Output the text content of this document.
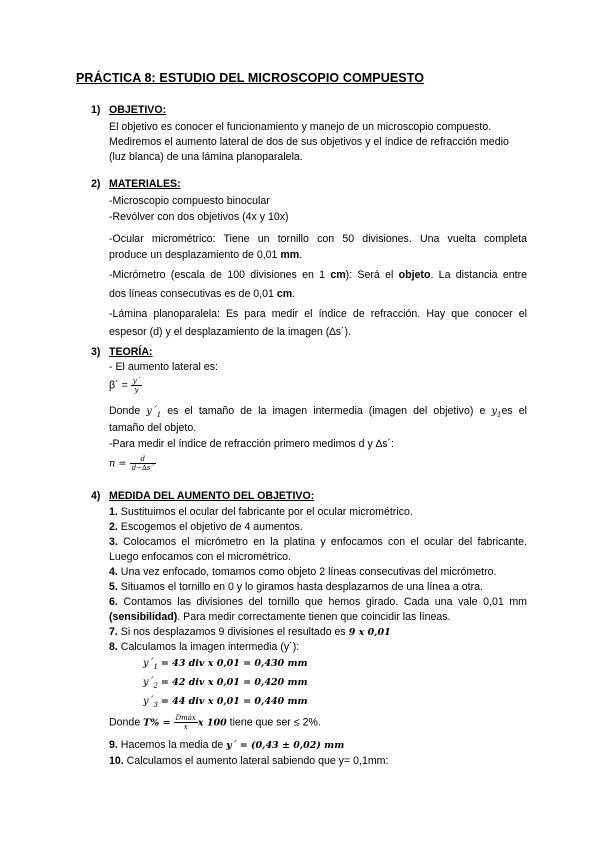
PRÁCTICA 8: ESTUDIO DEL MICROSCOPIO COMPUESTO
1) OBJETIVO:
El objetivo es conocer el funcionamiento y manejo de un microscopio compuesto.
Mediremos el aumento lateral de dos de sus objetivos y el índice de refracción medio
(luz blanca) de una lámina planoparalela.
2) MATERIALES:
-Microscopio compuesto binocular
-Revólver con dos objetivos (4x y 10x)
-Ocular micrométrico: Tiene un tornillo con 50 divisiones. Una vuelta completa
produce un desplazamiento de 0,01 mm.
-Micrómetro (escala de 100 divisiones en 1 cm): Será el objeto. La distancia entre
dos líneas consecutivas es de 0,01 cm.
-Lámina planoparalela: Es para medir el índice de refracción. Hay que conocer el
espesor (d) y el desplazamiento de la imagen (∆s´).
3) TEORÍA:
- El aumento lateral es:
β´ = $\frac{y´}{y}$
Donde $y´_1$ es el tamaño de la imagen intermedia (imagen del objetivo) e $y_1es$ el
tamaño del objeto.
-Para medir el índice de refracción primero medimos d y ∆s´:
$n = \frac{d}{d-\Delta s´}$
4) MEDIDA DEL AUMENTO DEL OBJETIVO:
1. Sustituimos el ocular del fabricante por el ocular micrométrico.
2. Escogemos el objetivo de 4 aumentos.
3. Colocamos el micrómetro en la platina y enfocamos con el ocular del fabricante.
Luego enfocamos con el micrométrico.
4. Una vez enfocado, tomamos como objeto 2 líneas consecutivas del micrómetro.
5. Situamos el tornillo en 0 y lo giramos hasta desplazarnos de una línea a otra.
6. Contamos las divisiones del tornillo que hemos girado. Cada una vale 0,01 mm
(sensibilidad). Para medir correctamente tienen que coincidir las líneas.
7. Si nos desplazamos 9 divisiones el resultado es 9 x 0,01
8. Calculamos la imagen intermedia (y´):
$y´_1 = 43$ div x 0,01 = 0,430 mm
$y´_2 = 42$ div x 0,01 = 0,420 mm
$y´_3 = 44$ div x 0,01 = 0,440 mm
Donde $T\% = \frac{\text{Dmáx}}{x}$ x 100 tiene que ser ≤ 2%.
9. Hacemos la media de y´ = (0,43 ± 0,02) mm
10. Calculamos el aumento lateral sabiendo que y= 0,1mm:
